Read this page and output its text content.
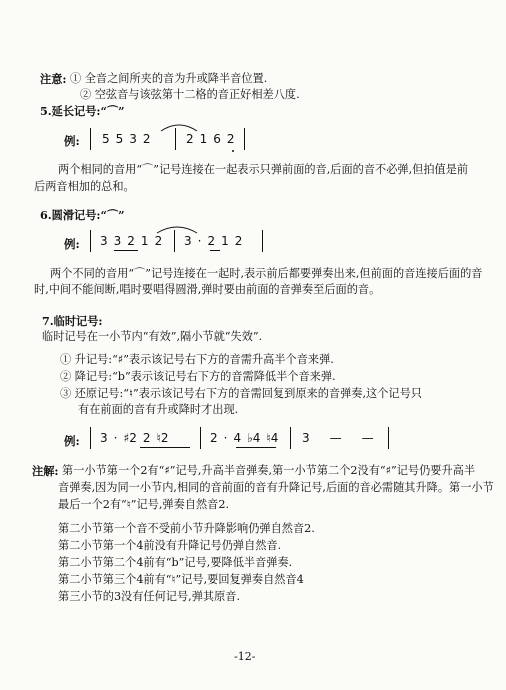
注意: ① 全音之间所夹的音为升或降半音位置.
② 空弦音与该弦第十二格的音正好相差八度.
5.延长记号:“⌒”
例: 5 5 3 2	2 1 6 2
两个相同的音用“⌒”记号连接在一起表示只弹前面的音,后面的音不必弹,但拍值是前
后两音相加的总和。
6.圆滑记号:“⌒”
例: 3 3 2 1 2	3 · 2 1 2
两个不同的音用“⌒”记号连接在一起时,表示前后都要弹奏出来,但前面的音连接后面的音
时,中间不能间断,唱时要唱得圆滑,弹时要由前面的音弹奏至后面的音。
7.临时记号:
临时记号在一小节内“有效”,隔小节就“失效”.
① 升记号:“♯”表示该记号右下方的音需升高半个音来弹.
② 降记号:“b”表示该记号右下方的音需降低半个音来弹.
③ 还原记号:“♮”表示该记号右下方的音需回复到原来的音弹奏,这个记号只
有在前面的音有升或降时才出现.
例: 3 · ♯2 2 ♮2	2 · 4 ♭4 ♮4	3 — —
注解: 第一小节第一个2有“♯”记号,升高半音弹奏,第一小节第二个2没有“♯”记号仍要升高半
音弹奏,因为同一小节内,相同的音前面的音有升降记号,后面的音必需随其升降。第一小节
最后一个2有“♮”记号,弹奏自然音2.
第二小节第一个音不受前小节升降影响仍弹自然音2.
第二小节第一个4前没有升降记号仍弹自然音.
第二小节第二个4前有“b”记号,要降低半音弹奏.
第二小节第三个4前有“♮”记号,要回复弹奏自然音4
第三小节的3没有任何记号,弹其原音.
-12-
